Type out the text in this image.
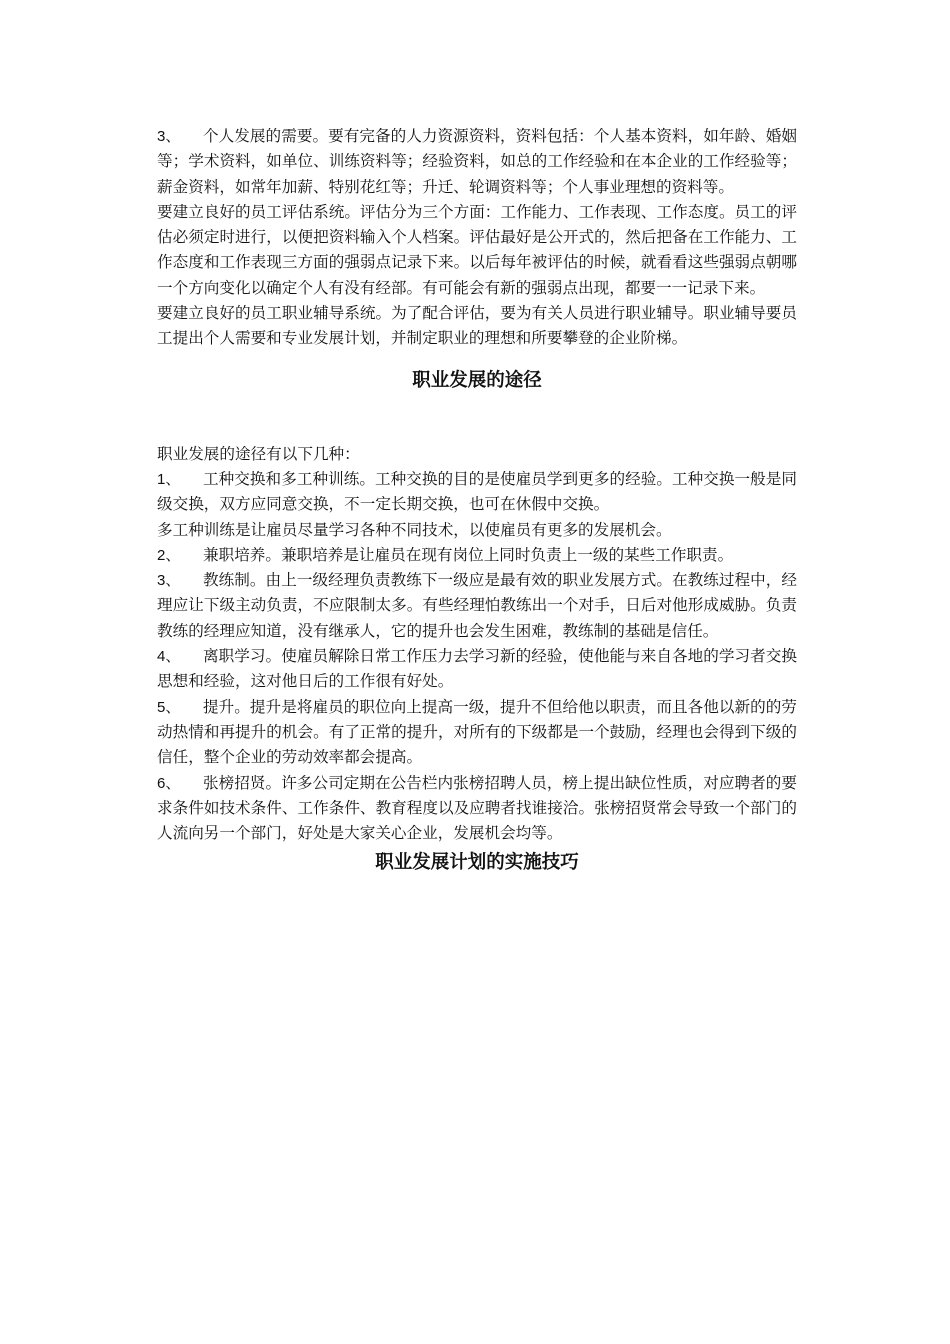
3、 个人发展的需要。要有完备的人力资源资料，资料包括：个人基本资料，如年龄、婚姻等；学术资料，如单位、训练资料等；经验资料，如总的工作经验和在本企业的工作经验等；薪金资料，如常年加薪、特别花红等；升迁、轮调资料等；个人事业理想的资料等。

要建立良好的员工评估系统。评估分为三个方面：工作能力、工作表现、工作态度。员工的评估必须定时进行，以便把资料输入个人档案。评估最好是公开式的，然后把备在工作能力、工作态度和工作表现三方面的强弱点记录下来。以后每年被评估的时候，就看看这些强弱点朝哪一个方向变化以确定个人有没有经部。有可能会有新的强弱点出现，都要一一记录下来。

要建立良好的员工职业辅导系统。为了配合评估，要为有关人员进行职业辅导。职业辅导要员工提出个人需要和专业发展计划，并制定职业的理想和所要攀登的企业阶梯。

职业发展的途径

职业发展的途径有以下几种：

1、 工种交换和多工种训练。工种交换的目的是使雇员学到更多的经验。工种交换一般是同级交换，双方应同意交换，不一定长期交换，也可在休假中交换。

多工种训练是让雇员尽量学习各种不同技术，以使雇员有更多的发展机会。

2、 兼职培养。兼职培养是让雇员在现有岗位上同时负责上一级的某些工作职责。

3、 教练制。由上一级经理负责教练下一级应是最有效的职业发展方式。在教练过程中，经理应让下级主动负责，不应限制太多。有些经理怕教练出一个对手，日后对他形成威胁。负责教练的经理应知道，没有继承人，它的提升也会发生困难，教练制的基础是信任。

4、 离职学习。使雇员解除日常工作压力去学习新的经验，使他能与来自各地的学习者交换思想和经验，这对他日后的工作很有好处。

5、 提升。提升是将雇员的职位向上提高一级，提升不但给他以职责，而且各他以新的的劳动热情和再提升的机会。有了正常的提升，对所有的下级都是一个鼓励，经理也会得到下级的信任，整个企业的劳动效率都会提高。

6、 张榜招贤。许多公司定期在公告栏内张榜招聘人员，榜上提出缺位性质，对应聘者的要求条件如技术条件、工作条件、教育程度以及应聘者找谁接洽。张榜招贤常会导致一个部门的人流向另一个部门，好处是大家关心企业，发展机会均等。

职业发展计划的实施技巧
